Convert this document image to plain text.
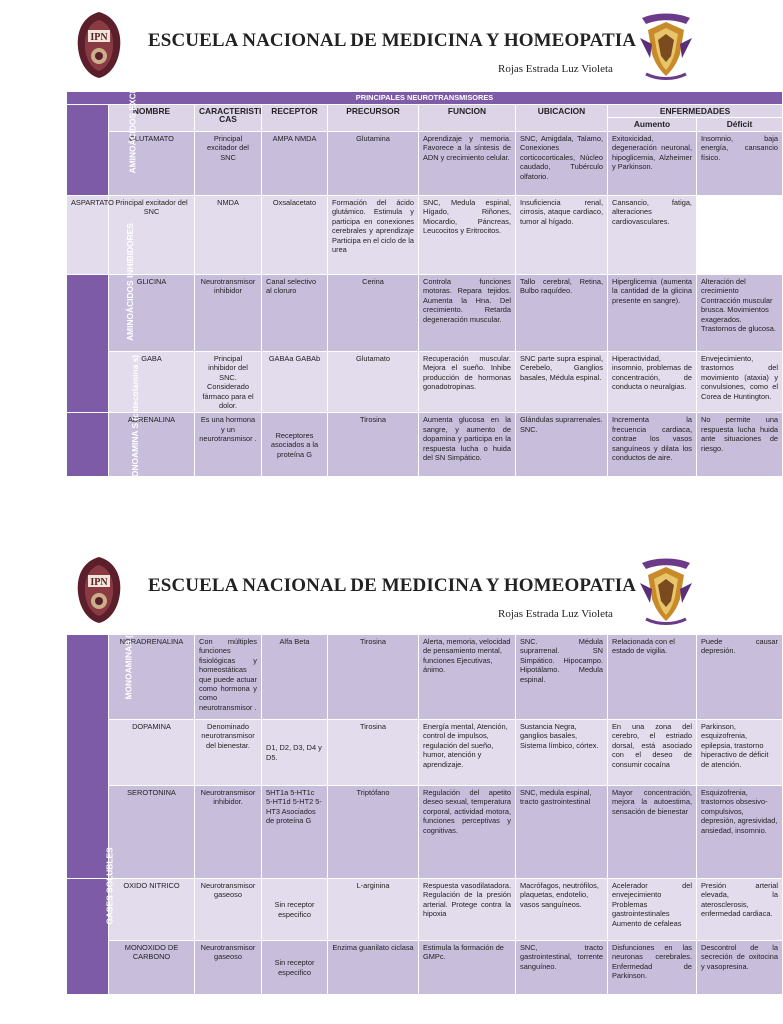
IPN ESCUELA NACIONAL DE MEDICINA Y HOMEOPATIA
Rojas Estrada Luz Violeta
PRINCIPALES NEUROTRANSMISORES								
AMINOÁCIDOS EXCITADORES	NOMBRE	CARACTERISTI CAS	RECEPTOR	PRECURSOR	FUNCION	UBICACION	ENFERMEDADES	
							Aumento	Déficit
	GLUTAMATO	Principal excitador del SNC	AMPA NMDA	Glutamina	Aprendizaje y memoria. Favorece a la síntesis de ADN y crecimiento celular.	SNC, Amigdala, Talamo, Conexiones corticocorticales, Núcleo caudado, Tubérculo olfatorio.	Exitoxicidad, degeneración neuronal, hipoglicemia, Alzheimer y Parkinson.	Insomnio, baja energía, cansancio físico.
ASPARTATO	Principal excitador del SNC	NMDA	Oxsalacetato	Formación del ácido glutámico. Estimula y participa en conexiones cerebrales y aprendizaje Participa en el ciclo de la urea	SNC, Medula espinal, Hígado, Riñones, Miocardio, Páncreas, Leucocitos y Eritrocitos.	Insuficiencia renal, cirrosis, ataque cardiaco, tumor al hígado.	Cansancio, fatiga, alteraciones cardiovasculares.	
AMINOÁCIDOS INHIBIDORES	GLICINA	Neurotransmisor inhibidor	Canal selectivo al cloruro	Cerina	Controla funciones motoras. Repara tejidos. Aumenta la Hna. Del crecimiento. Retarda degeneración muscular.	Tallo cerebral, Retina, Bulbo raquídeo.	Hiperglicemia (aumenta la cantidad de la glicina presente en sangre).	Alteración del crecimiento Contracción muscular brusca. Movimientos exagerados. Trastornos de glucosa.
	GABA	Principal inhibidor del SNC. Considerado fármaco para el dolor.	GABAa GABAb	Glutamato	Recuperación muscular. Mejora el sueño. Inhibe producción de hormonas gonadotropinas.	SNC parte supra espinal, Cerebelo, Ganglios basales, Médula espinal.	Hiperactividad, insomnio, problemas de concentración, de conducta o neuralgias.	Envejecimiento, trastornos del movimiento (ataxia) y convulsiones, como el Corea de Huntington.
MONOAMINA S (catecolamina s)	ADRENALINA	Es una hormona y un neurotransmisor .	Receptores asociados a la proteína G	Tirosina	Aumenta glucosa en la sangre, y aumento de dopamina y participa en la respuesta lucha o huida del SN Simpático.	Glándulas suprarrenales. SNC.	Incrementa la frecuencia cardiaca, contrae los vasos sanguíneos y dilata los conductos de aire.	No permite una respuesta lucha huida ante situaciones de riesgo.
IPN ESCUELA NACIONAL DE MEDICINA Y HOMEOPATIA
Rojas Estrada Luz Violeta
MONOAMINAS (indolaminas)	NORADRENALINA	Con múltiples funciones fisiológicas y homeostáticas que puede actuar como hormona y como neurotransmisor .	Alfa Beta	Tirosina	Alerta, memoria, velocidad de pensamiento mental, funciones Ejecutivas, ánimo.	SNC. Médula suprarrenal. SN Simpático. Hipocampo. Hipotálamo. Medula espinal.	Relacionada con el estado de vigilia.	Puede causar depresión.
	DOPAMINA	Denominado neurotransmisor del bienestar.	D1, D2, D3, D4 y D5.	Tirosina	Energía mental, Atención, control de impulsos, regulación del sueño, humor, atención y aprendizaje.	Sustancia Negra, ganglios basales, Sistema límbico, córtex.	En una zona del cerebro, el estriado dorsal, está asociado con el deseo de consumir cocaína	Parkinson, esquizofrenia, epilepsia, trastorno hiperactivo de déficit de atención.
	SEROTONINA	Neurotransmisor inhibidor.	5HT1a 5-HT1c 5-HT1d 5-HT2 5-HT3 Asociados de proteína G	Triptófano	Regulación del apetito deseo sexual, temperatura corporal, actividad motora, funciones perceptivas y cognitivas.	SNC, medula espinal, tracto gastrointestinal	Mayor concentración, mejora la autoestima, sensación de bienestar	Esquizofrenia, trastornos obsesivo-compulsivos, depresión, agresividad, ansiedad, insomnio.
GASES SOLUBLES	OXIDO NITRICO	Neurotransmisor gaseoso	Sin receptor especifico	L-arginina	Respuesta vasodilatadora. Regulación de la presión arterial. Protege contra la hipoxia	Macrófagos, neutrófilos, plaquetas, endotelio, vasos sanguíneos.	Acelerador del envejecimiento Problemas gastrointestinales Aumento de cefaleas	Presión arterial elevada, la aterosclerosis, enfermedad cardiaca.
	MONOXIDO DE CARBONO	Neurotransmisor gaseoso	Sin receptor especifico	Enzima guanilato ciclasa	Estimula la formación de GMPc.	SNC, tracto gastrointestinal, torrente sanguíneo.	Disfunciones en las neuronas cerebrales. Enfermedad de Parkinson.	Descontrol de la secreción de oxitocina y vasopresina.
